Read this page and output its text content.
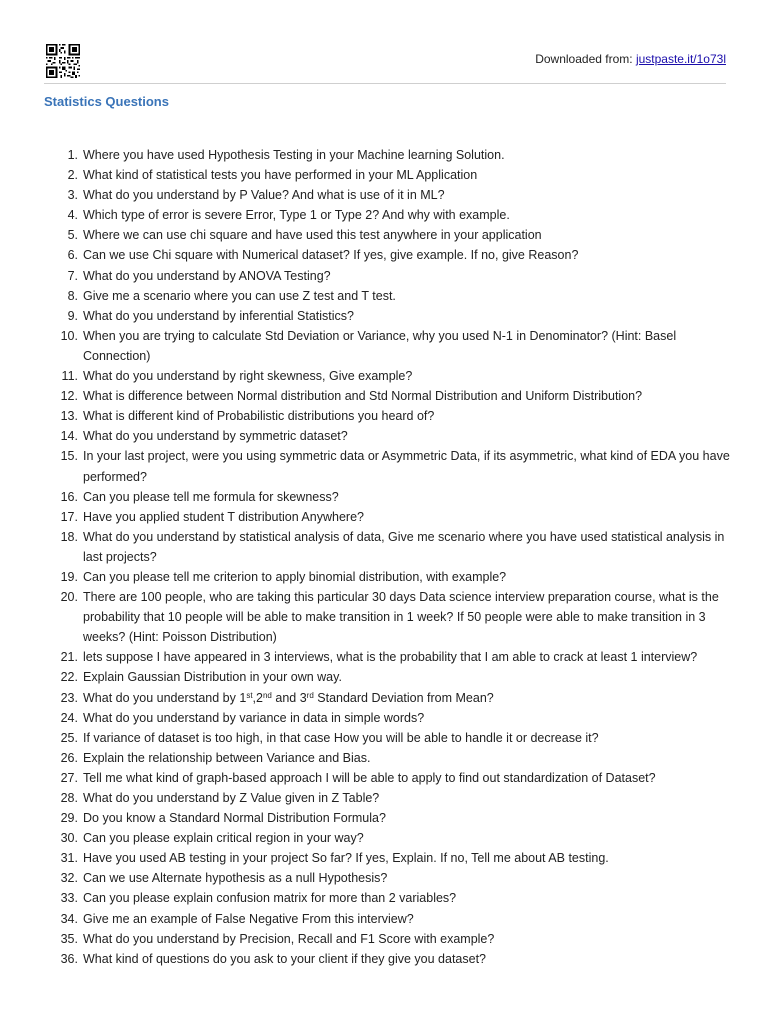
Downloaded from: justpaste.it/1o73l
Statistics Questions
1. Where you have used Hypothesis Testing in your Machine learning Solution.
2. What kind of statistical tests you have performed in your ML Application
3. What do you understand by P Value? And what is use of it in ML?
4. Which type of error is severe Error, Type 1 or Type 2? And why with example.
5. Where we can use chi square and have used this test anywhere in your application
6. Can we use Chi square with Numerical dataset? If yes, give example. If no, give Reason?
7. What do you understand by ANOVA Testing?
8. Give me a scenario where you can use Z test and T test.
9. What do you understand by inferential Statistics?
10. When you are trying to calculate Std Deviation or Variance, why you used N-1 in Denominator? (Hint: Basel Connection)
11. What do you understand by right skewness, Give example?
12. What is difference between Normal distribution and Std Normal Distribution and Uniform Distribution?
13. What is different kind of Probabilistic distributions you heard of?
14. What do you understand by symmetric dataset?
15. In your last project, were you using symmetric data or Asymmetric Data, if its asymmetric, what kind of EDA you have performed?
16. Can you please tell me formula for skewness?
17. Have you applied student T distribution Anywhere?
18. What do you understand by statistical analysis of data, Give me scenario where you have used statistical analysis in last projects?
19. Can you please tell me criterion to apply binomial distribution, with example?
20. There are 100 people, who are taking this particular 30 days Data science interview preparation course, what is the probability that 10 people will be able to make transition in 1 week? If 50 people were able to make transition in 3 weeks? (Hint: Poisson Distribution)
21. lets suppose I have appeared in 3 interviews, what is the probability that I am able to crack at least 1 interview?
22. Explain Gaussian Distribution in your own way.
23. What do you understand by 1st,2nd and 3rd Standard Deviation from Mean?
24. What do you understand by variance in data in simple words?
25. If variance of dataset is too high, in that case How you will be able to handle it or decrease it?
26. Explain the relationship between Variance and Bias.
27. Tell me what kind of graph-based approach I will be able to apply to find out standardization of Dataset?
28. What do you understand by Z Value given in Z Table?
29. Do you know a Standard Normal Distribution Formula?
30. Can you please explain critical region in your way?
31. Have you used AB testing in your project So far? If yes, Explain. If no, Tell me about AB testing.
32. Can we use Alternate hypothesis as a null Hypothesis?
33. Can you please explain confusion matrix for more than 2 variables?
34. Give me an example of False Negative From this interview?
35. What do you understand by Precision, Recall and F1 Score with example?
36. What kind of questions do you ask to your client if they give you dataset?
